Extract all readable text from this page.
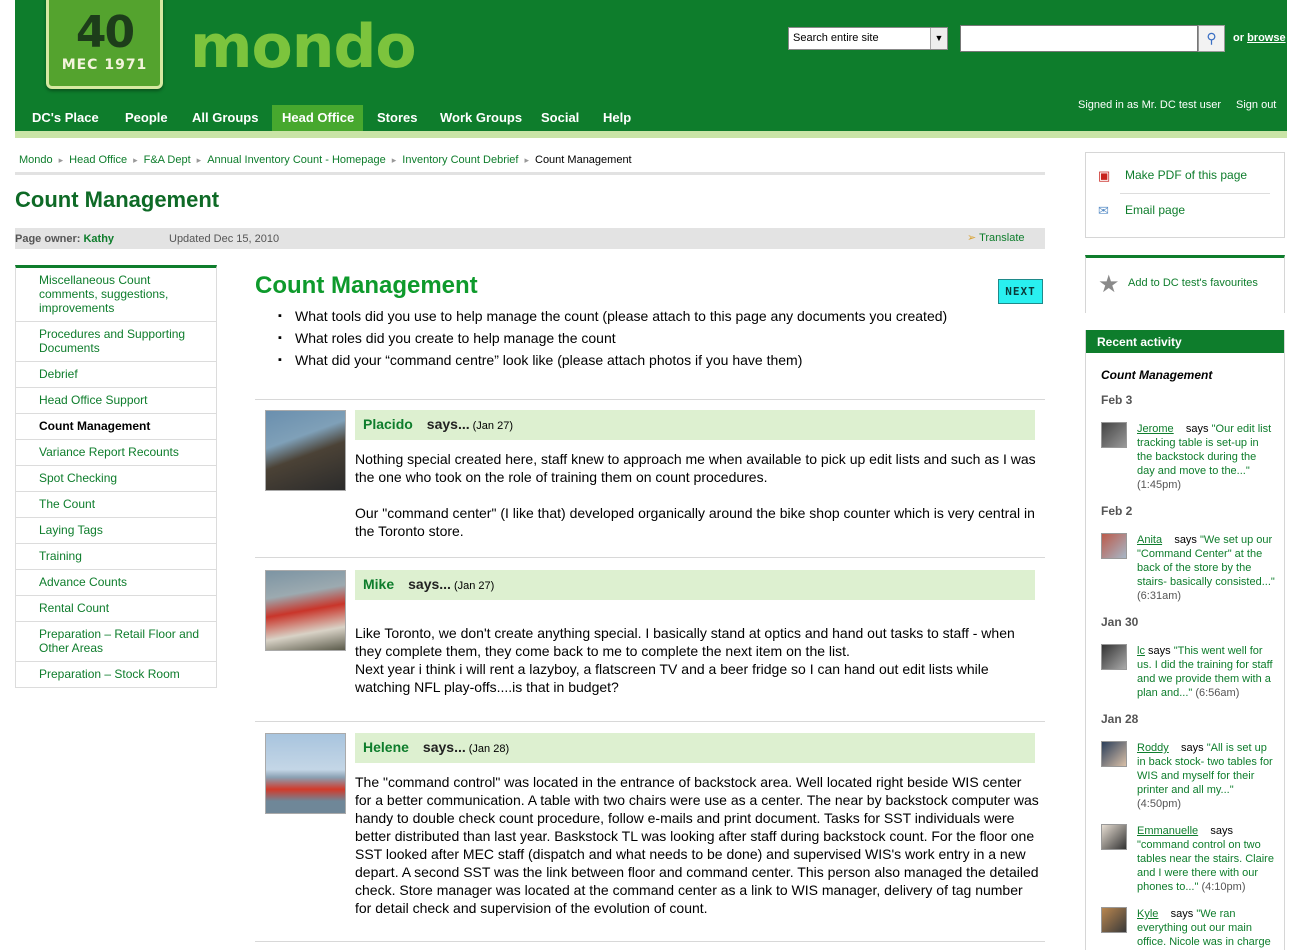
40
MEC 1971 mondo	Search entire site	▼	⚲	or browse
Signed in as Mr. DC test user Sign out
DC's Place	People	All Groups	Head Office	Stores	Work Groups	Social	Help
Mondo ▸ Head Office ▸ F&A Dept ▸ Annual Inventory Count - Homepage ▸ Inventory Count Debrief ▸ Count Management
Count Management
Page owner: Kathy	Updated Dec 15, 2010	➢ Translate
Miscellaneous Count comments, suggestions, improvements
Procedures and Supporting Documents
Debrief
Head Office Support
Count Management
Variance Report Recounts
Spot Checking
The Count
Laying Tags
Training
Advance Counts
Rental Count
Preparation – Retail Floor and Other Areas
Preparation – Stock Room
Count Management	NEXT
▪ What tools did you use to help manage the count (please attach to this page any documents you created)
▪ What roles did you create to help manage the count
▪ What did your “command centre” look like (please attach photos if you have them)
Placido says... (Jan 27)

Nothing special created here, staff knew to approach me when available to pick up edit lists and such as I was the one who took on the role of training them on count procedures.

Our "command center" (I like that) developed organically around the bike shop counter which is very central in the Toronto store.

Mike says... (Jan 27)

Like Toronto, we don't create anything special. I basically stand at optics and hand out tasks to staff - when they complete them, they come back to me to complete the next item on the list.

Next year i think i will rent a lazyboy, a flatscreen TV and a beer fridge so I can hand out edit lists while watching NFL play-offs....is that in budget?

Helene says... (Jan 28)

The "command control" was located in the entrance of backstock area. Well located right beside WIS center for a better communication. A table with two chairs were use as a center. The near by backstock computer was handy to double check count procedure, follow e-mails and print document. Tasks for SST individuals were better distributed than last year. Baskstock TL was looking after staff during backstock count. For the floor one SST looked after MEC staff (dispatch and what needs to be done) and supervised WIS's work entry in a new depart. A second SST was the link between floor and command center. This person also managed the detailed check. Store manager was located at the command center as a link to WIS manager, delivery of tag number for detail check and supervision of the evolution of count.

▣	Make PDF of this page
✉	Email page
★ Add to DC test's favourites
Recent activity
Count Management
Feb 3
Jerome says "Our edit list tracking table is set-up in the backstock during the day and move to the..." (1:45pm)
Feb 2
Anita says "We set up our "Command Center" at the back of the store by the stairs- basically consisted..." (6:31am)
Jan 30
lc says "This went well for us. I did the training for staff and we provide them with a plan and..." (6:56am)
Jan 28
Roddy says "All is set up in back stock- two tables for WIS and myself for their printer and all my..." (4:50pm)
Emmanuelle says "command control on two tables near the stairs. Claire and I were there with our phones to..." (4:10pm)
Kyle says "We ran everything out our main office. Nicole was in charge
